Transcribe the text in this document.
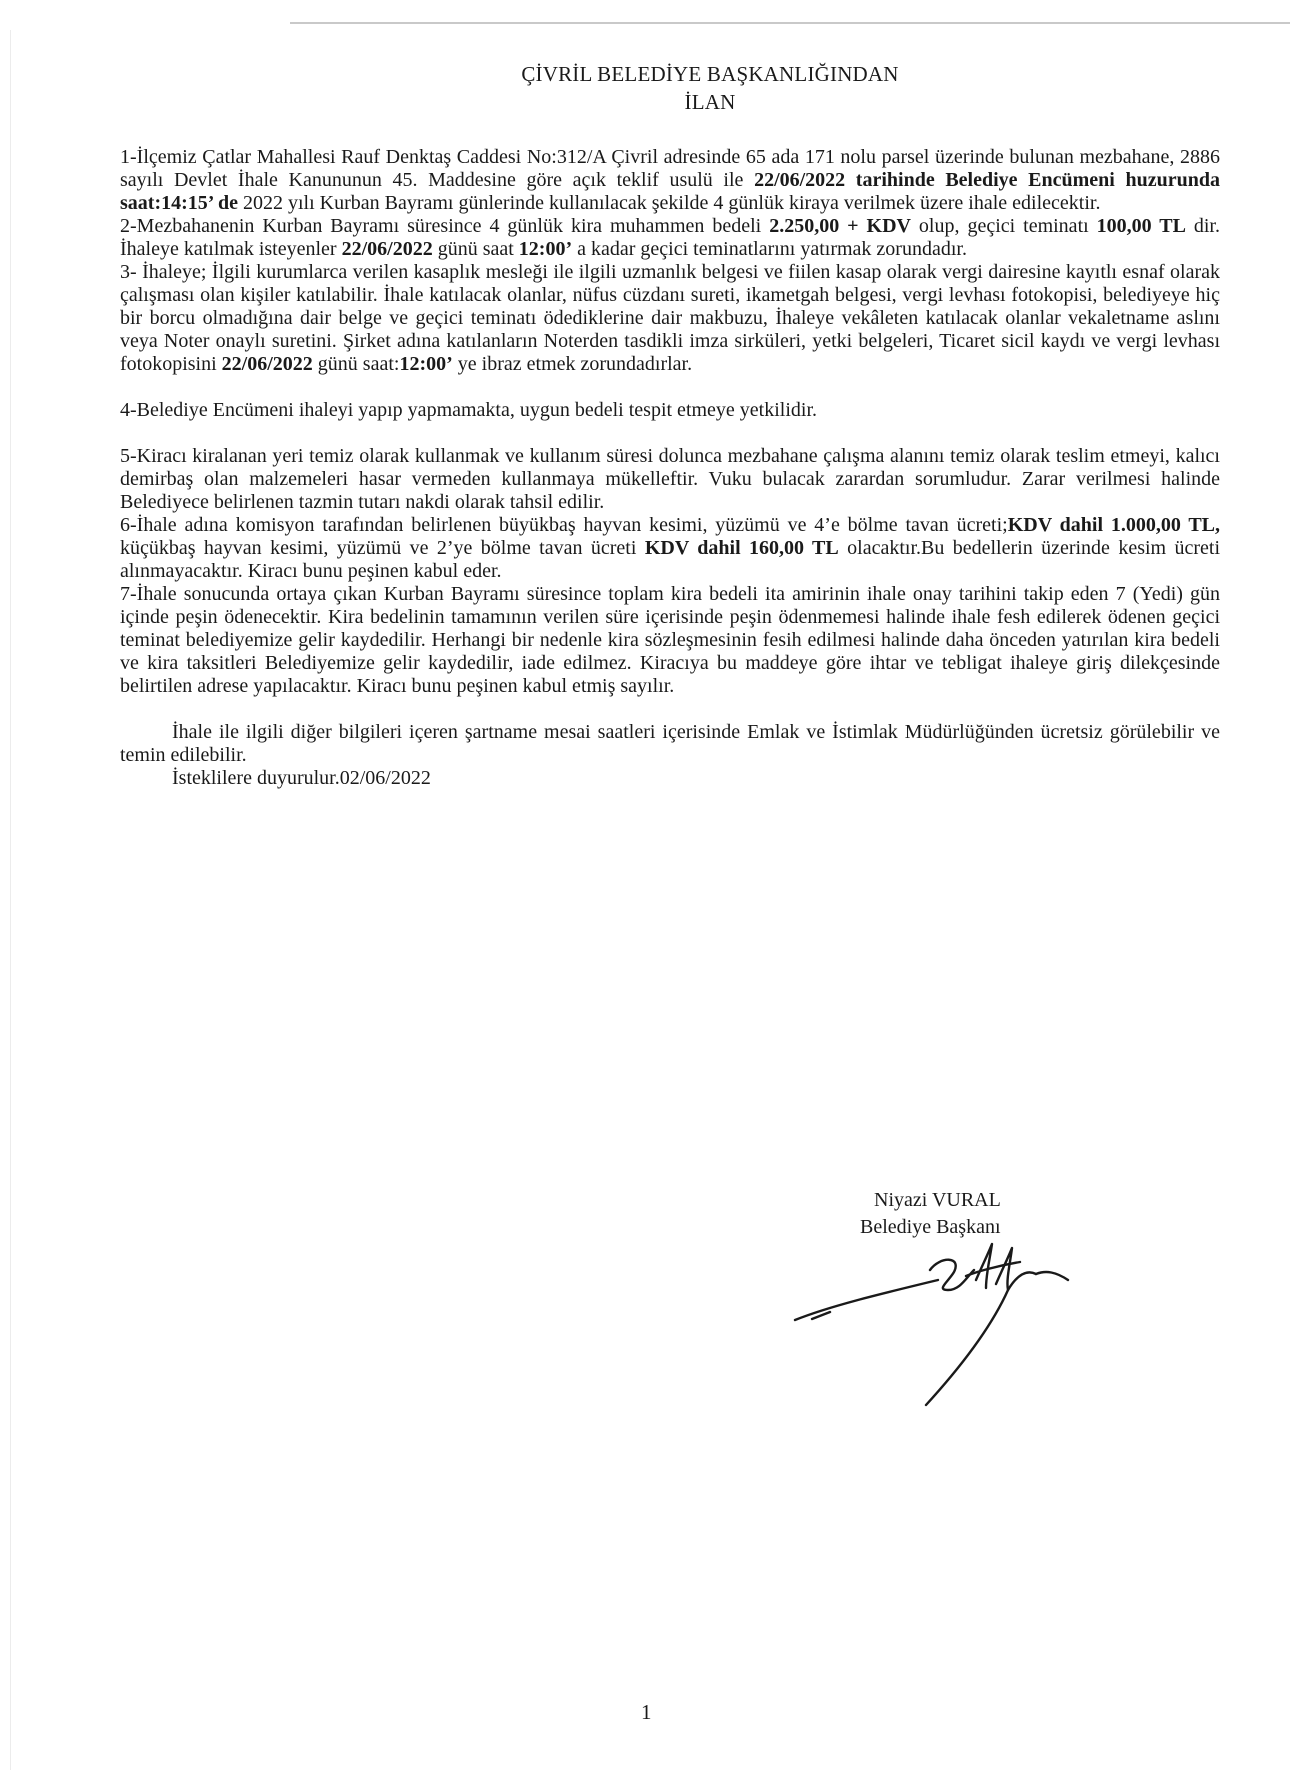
ÇİVRİL BELEDİYE BAŞKANLIĞINDAN
İLAN

1-İlçemiz Çatlar Mahallesi Rauf Denktaş Caddesi No:312/A Çivril adresinde 65 ada 171 nolu parsel üzerinde bulunan mezbahane, 2886 sayılı Devlet İhale Kanununun 45. Maddesine göre açık teklif usulü ile 22/06/2022 tarihinde Belediye Encümeni huzurunda saat:14:15’ de 2022 yılı Kurban Bayramı günlerinde kullanılacak şekilde 4 günlük kiraya verilmek üzere ihale edilecektir.

2-Mezbahanenin Kurban Bayramı süresince 4 günlük kira muhammen bedeli 2.250,00 + KDV olup, geçici teminatı 100,00 TL dir. İhaleye katılmak isteyenler 22/06/2022 günü saat 12:00’ a kadar geçici teminatlarını yatırmak zorundadır.

3- İhaleye; İlgili kurumlarca verilen kasaplık mesleği ile ilgili uzmanlık belgesi ve fiilen kasap olarak vergi dairesine kayıtlı esnaf olarak çalışması olan kişiler katılabilir. İhale katılacak olanlar, nüfus cüzdanı sureti, ikametgah belgesi, vergi levhası fotokopisi, belediyeye hiç bir borcu olmadığına dair belge ve geçici teminatı ödediklerine dair makbuzu, İhaleye vekâleten katılacak olanlar vekaletname aslını veya Noter onaylı suretini. Şirket adına katılanların Noterden tasdikli imza sirküleri, yetki belgeleri, Ticaret sicil kaydı ve vergi levhası fotokopisini 22/06/2022 günü saat:12:00’ ye ibraz etmek zorundadırlar.

4-Belediye Encümeni ihaleyi yapıp yapmamakta, uygun bedeli tespit etmeye yetkilidir.

5-Kiracı kiralanan yeri temiz olarak kullanmak ve kullanım süresi dolunca mezbahane çalışma alanını temiz olarak teslim etmeyi, kalıcı demirbaş olan malzemeleri hasar vermeden kullanmaya mükelleftir. Vuku bulacak zarardan sorumludur. Zarar verilmesi halinde Belediyece belirlenen tazmin tutarı nakdi olarak tahsil edilir.

6-İhale adına komisyon tarafından belirlenen büyükbaş hayvan kesimi, yüzümü ve 4’e bölme tavan ücreti;KDV dahil 1.000,00 TL, küçükbaş hayvan kesimi, yüzümü ve 2’ye bölme tavan ücreti KDV dahil 160,00 TL olacaktır.Bu bedellerin üzerinde kesim ücreti alınmayacaktır. Kiracı bunu peşinen kabul eder.

7-İhale sonucunda ortaya çıkan Kurban Bayramı süresince toplam kira bedeli ita amirinin ihale onay tarihini takip eden 7 (Yedi) gün içinde peşin ödenecektir. Kira bedelinin tamamının verilen süre içerisinde peşin ödenmemesi halinde ihale fesh edilerek ödenen geçici teminat belediyemize gelir kaydedilir. Herhangi bir nedenle kira sözleşmesinin fesih edilmesi halinde daha önceden yatırılan kira bedeli ve kira taksitleri Belediyemize gelir kaydedilir, iade edilmez. Kiracıya bu maddeye göre ihtar ve tebligat ihaleye giriş dilekçesinde belirtilen adrese yapılacaktır. Kiracı bunu peşinen kabul etmiş sayılır.

İhale ile ilgili diğer bilgileri içeren şartname mesai saatleri içerisinde Emlak ve İstimlak Müdürlüğünden ücretsiz görülebilir ve temin edilebilir.

İsteklilere duyurulur.02/06/2022

Niyazi VURAL
Belediye Başkanı
1
